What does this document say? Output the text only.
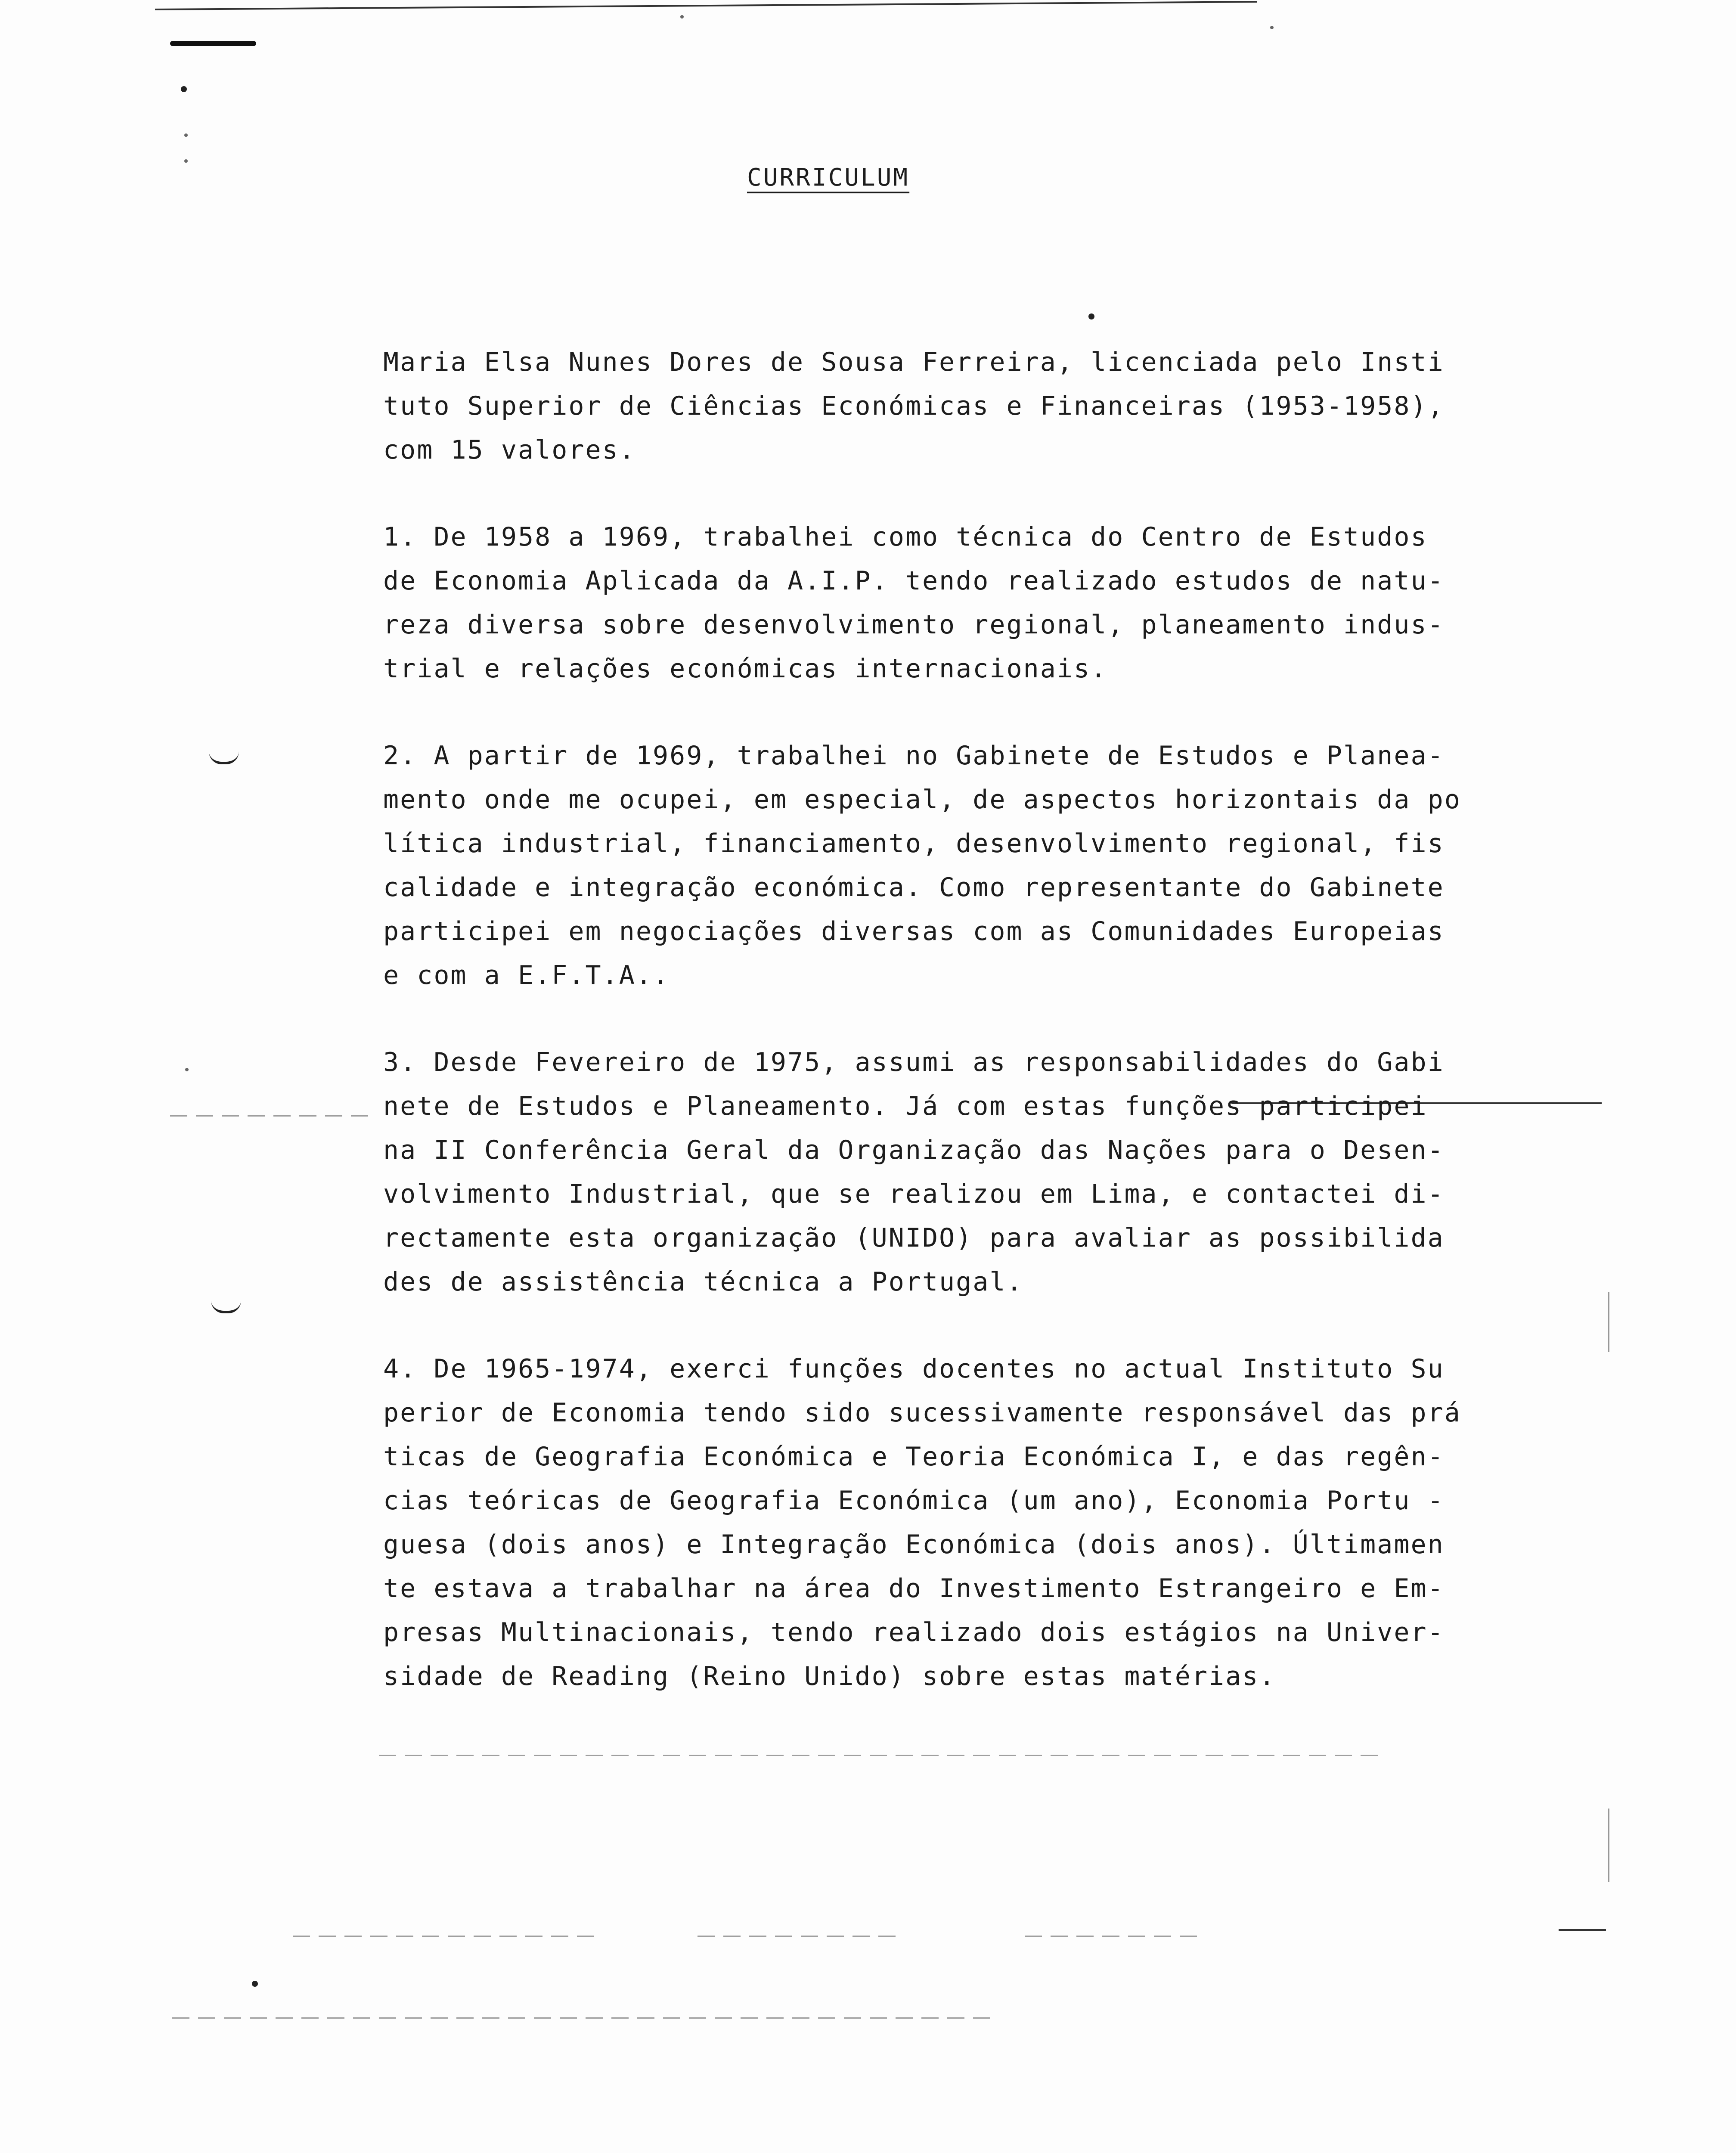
CURRICULUM
Maria Elsa Nunes Dores de Sousa Ferreira, licenciada pelo Insti
tuto Superior de Ciências Económicas e Financeiras (1953-1958),
com 15 valores.
1. De 1958 a 1969, trabalhei como técnica do Centro de Estudos
de Economia Aplicada da A.I.P. tendo realizado estudos de natu-
reza diversa sobre desenvolvimento regional, planeamento indus-
trial e relações económicas internacionais.
2. A partir de 1969, trabalhei no Gabinete de Estudos e Planea-
mento onde me ocupei, em especial, de aspectos horizontais da po
lítica industrial, financiamento, desenvolvimento regional, fis
calidade e integração económica. Como representante do Gabinete
participei em negociações diversas com as Comunidades Europeias
e com a E.F.T.A..
3. Desde Fevereiro de 1975, assumi as responsabilidades do Gabi
nete de Estudos e Planeamento. Já com estas funções participei
na II Conferência Geral da Organização das Nações para o Desen-
volvimento Industrial, que se realizou em Lima, e contactei di-
rectamente esta organização (UNIDO) para avaliar as possibilida
des de assistência técnica a Portugal.
4. De 1965-1974, exerci funções docentes no actual Instituto Su
perior de Economia tendo sido sucessivamente responsável das prá
ticas de Geografia Económica e Teoria Económica I, e das regên-
cias teóricas de Geografia Económica (um ano), Economia Portu -
guesa (dois anos) e Integração Económica (dois anos). Últimamen
te estava a trabalhar na área do Investimento Estrangeiro e Em-
presas Multinacionais, tendo realizado dois estágios na Univer-
sidade de Reading (Reino Unido) sobre estas matérias.
